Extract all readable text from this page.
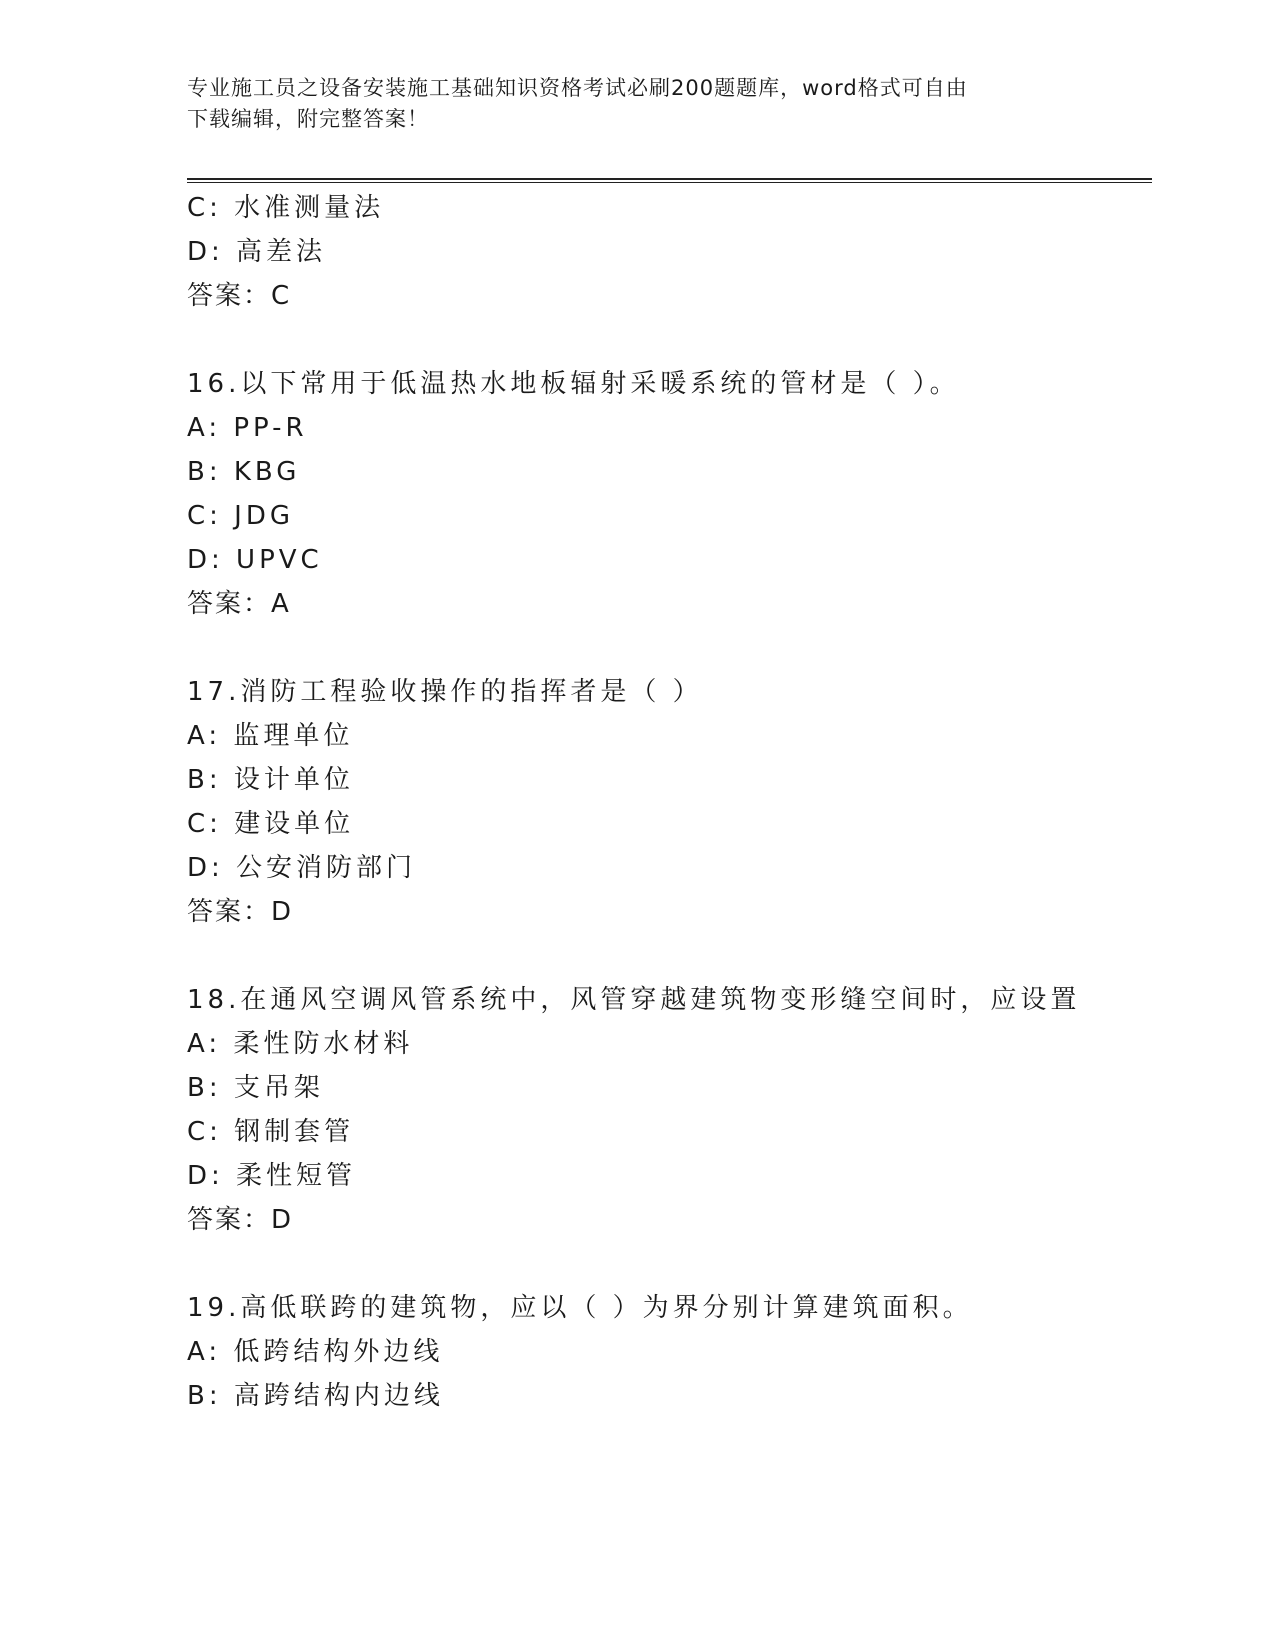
专业施工员之设备安装施工基础知识资格考试必刷200题题库，word格式可自由
下载编辑，附完整答案！
C: 水准测量法
D: 高差法
答案：C
16.以下常用于低温热水地板辐射采暖系统的管材是（ ）。
A: PP-R
B: KBG
C: JDG
D: UPVC
答案：A
17.消防工程验收操作的指挥者是（ ）
A: 监理单位
B: 设计单位
C: 建设单位
D: 公安消防部门
答案：D
18.在通风空调风管系统中，风管穿越建筑物变形缝空间时，应设置
A: 柔性防水材料
B: 支吊架
C: 钢制套管
D: 柔性短管
答案：D
19.高低联跨的建筑物，应以（ ）为界分别计算建筑面积。
A: 低跨结构外边线
B: 高跨结构内边线
